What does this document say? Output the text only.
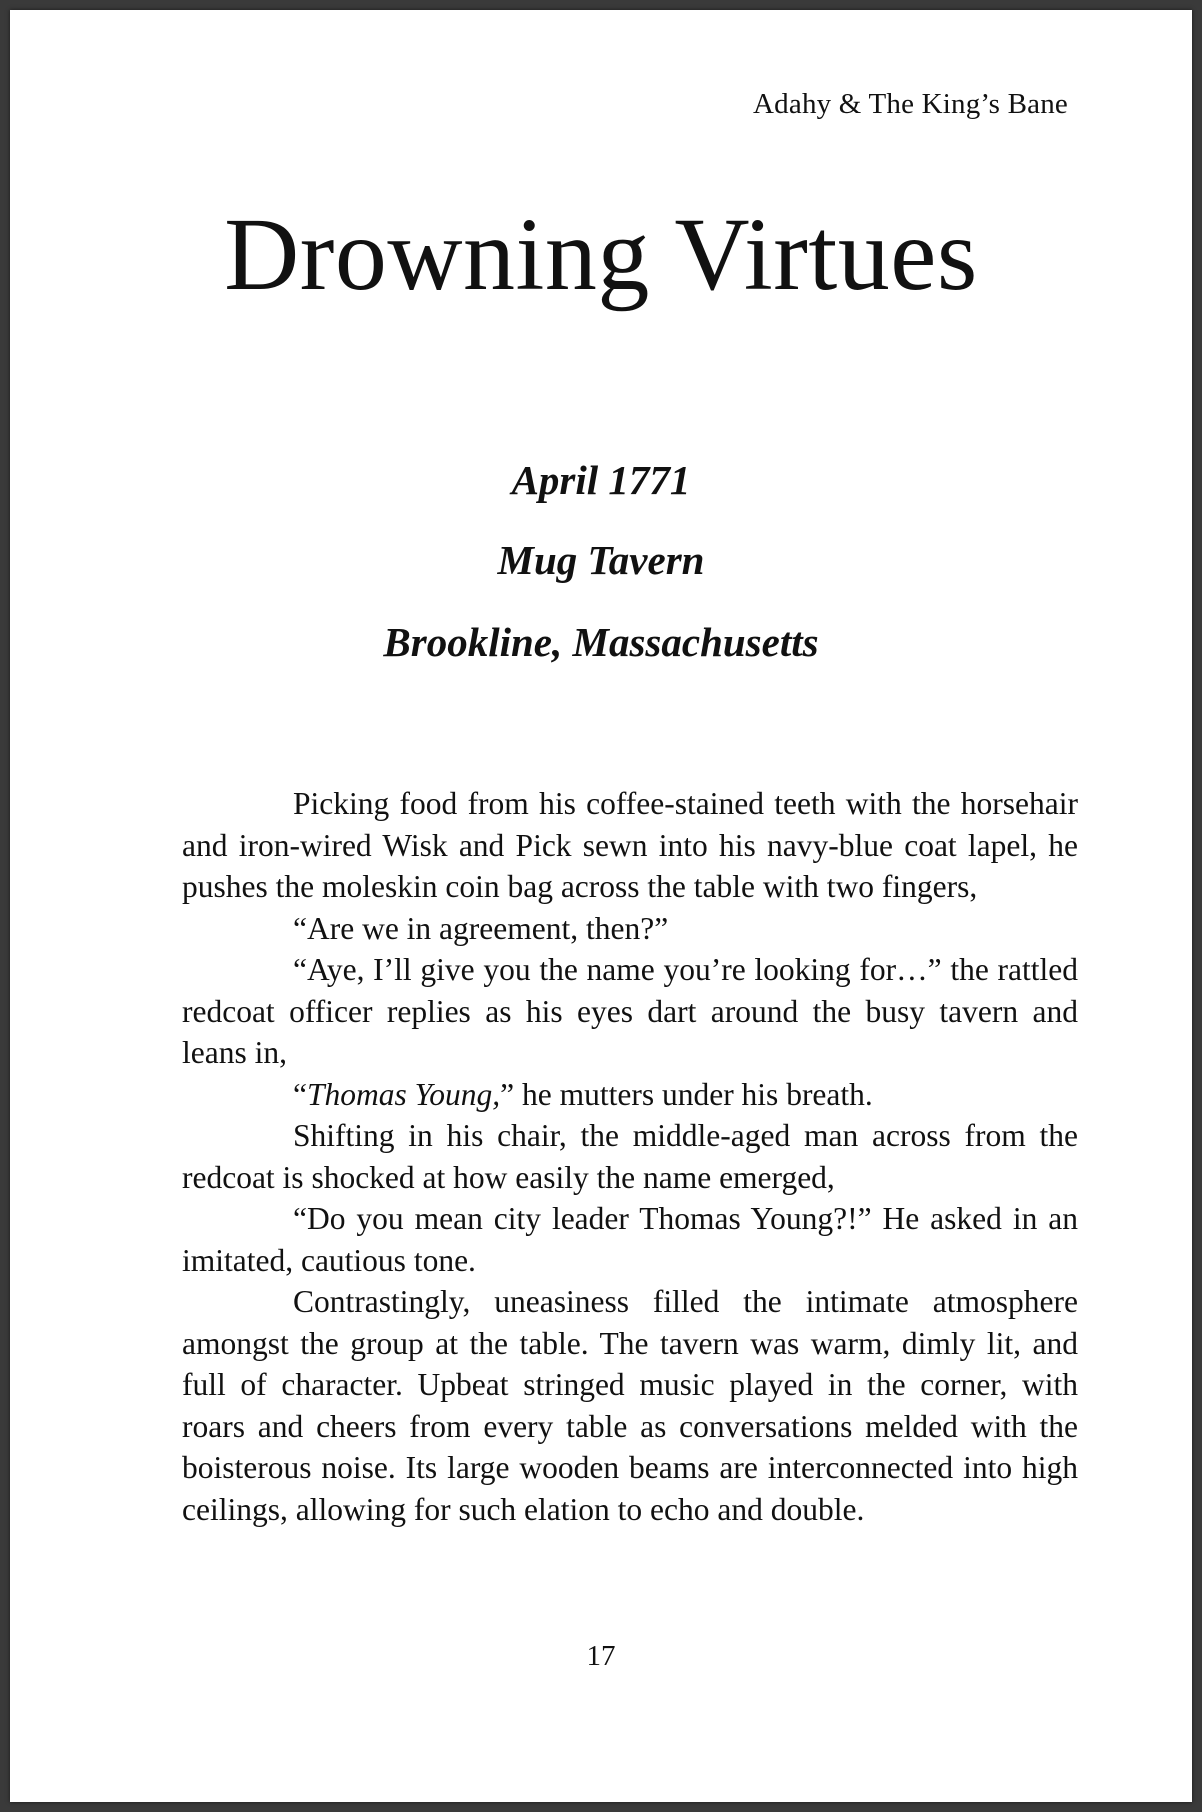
Adahy & The King’s Bane
Drowning Virtues
April 1771
Mug Tavern
Brookline, Massachusetts

Picking food from his coffee-stained teeth with the horsehair and iron-wired Wisk and Pick sewn into his navy-blue coat lapel, he pushes the moleskin coin bag across the table with two fingers,

“Are we in agreement, then?”

“Aye, I’ll give you the name you’re looking for…” the rattled redcoat officer replies as his eyes dart around the busy tavern and leans in,

“Thomas Young,” he mutters under his breath.

Shifting in his chair, the middle-aged man across from the redcoat is shocked at how easily the name emerged,

“Do you mean city leader Thomas Young?!” He asked in an imitated, cautious tone.

Contrastingly, uneasiness filled the intimate atmosphere amongst the group at the table. The tavern was warm, dimly lit, and full of character. Upbeat stringed music played in the corner, with roars and cheers from every table as conversations melded with the boisterous noise. Its large wooden beams are interconnected into high ceilings, allowing for such elation to echo and double.

17
